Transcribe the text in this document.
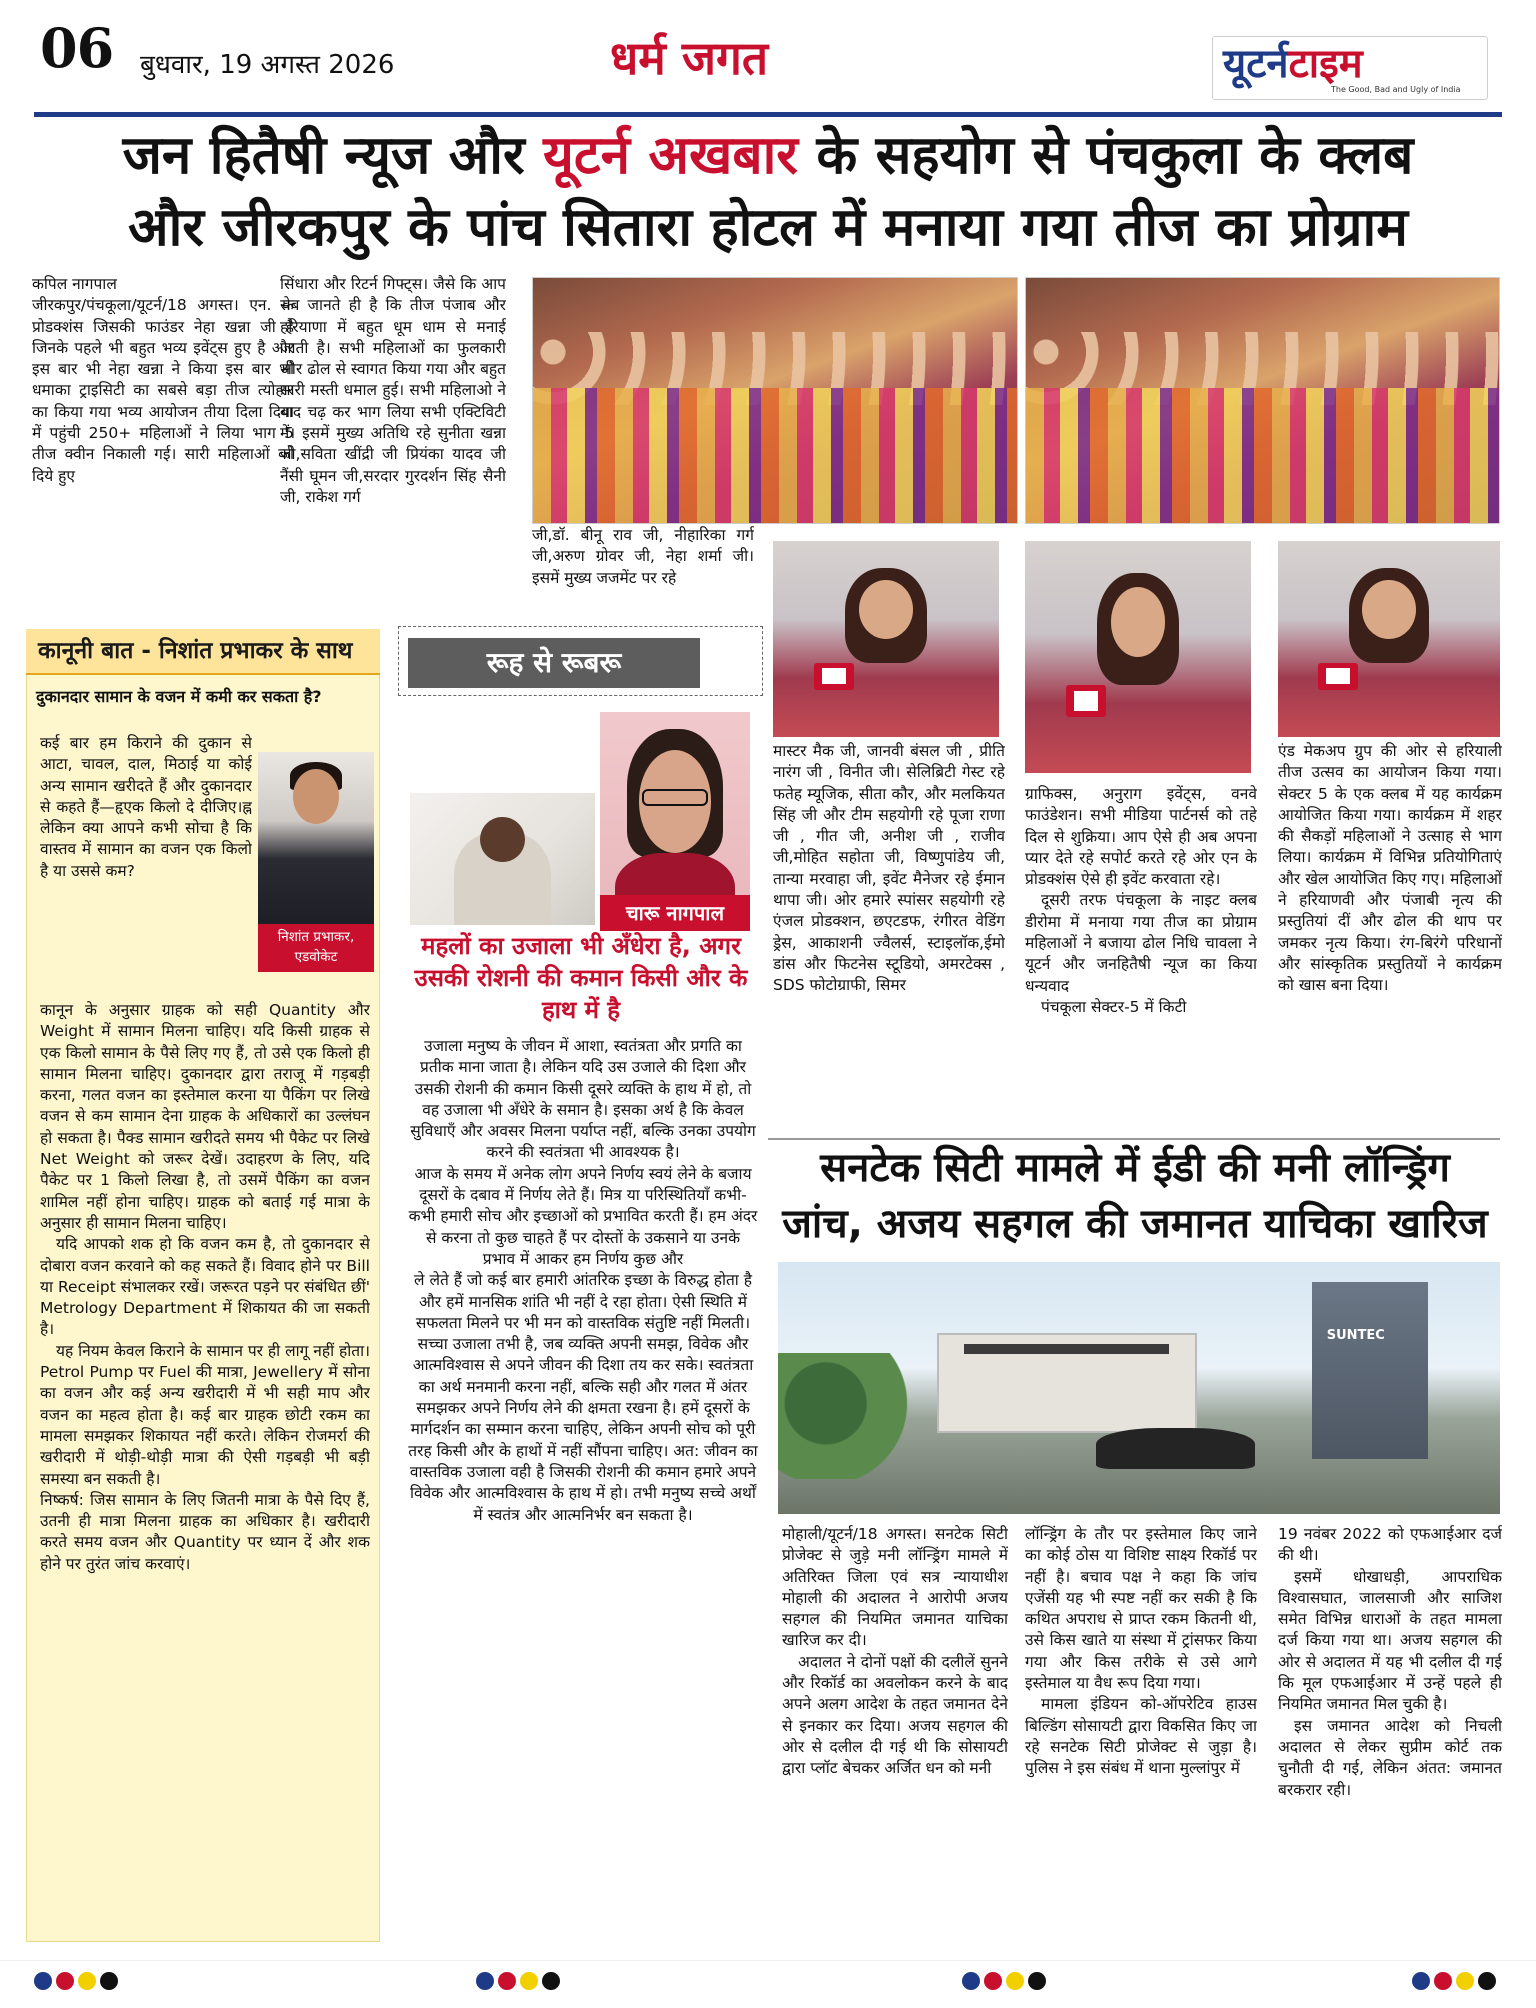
06 बुधवार, 19 अगस्त 2026	धर्म जगत	यूटर्नटाइम
The Good, Bad and Ugly of India
जन हितैषी न्यूज और यूटर्न अखबार के सहयोग से पंचकुला के क्लब
और जीरकपुर के पांच सितारा होटल में मनाया गया तीज का प्रोग्राम

कपिल नागपाल

जीरकपुर/पंचकूला/यूटर्न/18 अगस्त। एन. के प्रोडक्शंस जिसकी फाउंडर नेहा खन्ना जी है जिनके पहले भी बहुत भव्य इवेंट्स हुए है और इस बार भी नेहा खन्ना ने किया इस बार भी धमाका ट्राइसिटी का सबसे बड़ा तीज त्योहार का किया गया भव्य आयोजन तीया दिला दिया में पहुंची 250+ महिलाओं ने लिया भाग 5 तीज क्वीन निकाली गई। सारी महिलाओं को दिये हुए

सिंधारा और रिटर्न गिफ्ट्स। जैसे कि आप सब जानते ही है कि तीज पंजाब और हरियाणा में बहुत धूम धाम से मनाई जाती है। सभी महिलाओं का फुलकारी और ढोल से स्वागत किया गया और बहुत सारी मस्ती धमाल हुई। सभी महिलाओ ने बाद चढ़ कर भाग लिया सभी एक्टिविटी में। इसमें मुख्य अतिथि रहे सुनीता खन्ना जी,सविता खींद्री जी प्रियंका यादव जी नैंसी घूमन जी,सरदार गुरदर्शन सिंह सैनी जी, राकेश गर्ग

जी,डॉ. बीनू राव जी, नीहारिका गर्ग जी,अरुण ग्रोवर जी, नेहा शर्मा जी। इसमें मुख्य जजमेंट पर रहे

मास्टर मैक जी, जानवी बंसल जी , प्रीति नारंग जी , विनीत जी। सेलिब्रिटी गेस्ट रहे फतेह म्यूजिक, सीता कौर, और मलकियत सिंह जी और टीम सहयोगी रहे पूजा राणा जी , गीत जी, अनीश जी , राजीव जी,मोहित सहोता जी, विष्णुपांडेय जी, तान्या मरवाहा जी, इवेंट मैनेजर रहे ईमान थापा जी। ओर हमारे स्पांसर सहयोगी रहे एंजल प्रोडक्शन, छएटडफ, रंगीरत वेडिंग ड्रेस, आकाशनी ज्वैलर्स, स्टाइलॉक,ईमो डांस और फिटनेस स्टूडियो, अमरटेक्स , SDS फोटोग्राफी, सिमर

ग्राफिक्स, अनुराग इवेंट्स, वनवे फाउंडेशन। सभी मीडिया पार्टनर्स को तहे दिल से शुक्रिया। आप ऐसे ही अब अपना प्यार देते रहे सपोर्ट करते रहे ओर एन के प्रोडक्शंस ऐसे ही इवेंट करवाता रहे।

दूसरी तरफ पंचकूला के नाइट क्लब डीरोमा में मनाया गया तीज का प्रोग्राम महिलाओं ने बजाया ढोल निधि चावला ने यूटर्न और जनहितैषी न्यूज का किया धन्यवाद

पंचकूला सेक्टर-5 में किटी

एंड मेकअप ग्रुप की ओर से हरियाली तीज उत्सव का आयोजन किया गया। सेक्टर 5 के एक क्लब में यह कार्यक्रम आयोजित किया गया। कार्यक्रम में शहर की सैकड़ों महिलाओं ने उत्साह से भाग लिया। कार्यक्रम में विभिन्न प्रतियोगिताएं और खेल आयोजित किए गए। महिलाओं ने हरियाणवी और पंजाबी नृत्य की प्रस्तुतियां दीं और ढोल की थाप पर जमकर नृत्य किया। रंग-बिरंगे परिधानों और सांस्कृतिक प्रस्तुतियों ने कार्यक्रम को खास बना दिया।

कानूनी बात - निशांत प्रभाकर के साथ
दुकानदार सामान के वजन में कमी कर सकता है?

कई बार हम किराने की दुकान से आटा, चावल, दाल, मिठाई या कोई अन्य सामान खरीदते हैं और दुकानदार से कहते हैं—हृएक किलो दे दीजिए।ह्न लेकिन क्या आपने कभी सोचा है कि वास्तव में सामान का वजन एक किलो है या उससे कम?

निशांत प्रभाकर,
एडवोकेट

कानून के अनुसार ग्राहक को सही Quantity और Weight में सामान मिलना चाहिए। यदि किसी ग्राहक से एक किलो सामान के पैसे लिए गए हैं, तो उसे एक किलो ही सामान मिलना चाहिए। दुकानदार द्वारा तराजू में गड़बड़ी करना, गलत वजन का इस्तेमाल करना या पैकिंग पर लिखे वजन से कम सामान देना ग्राहक के अधिकारों का उल्लंघन हो सकता है। पैक्ड सामान खरीदते समय भी पैकेट पर लिखे Net Weight को जरूर देखें। उदाहरण के लिए, यदि पैकेट पर 1 किलो लिखा है, तो उसमें पैकिंग का वजन शामिल नहीं होना चाहिए। ग्राहक को बताई गई मात्रा के अनुसार ही सामान मिलना चाहिए।

यदि आपको शक हो कि वजन कम है, तो दुकानदार से दोबारा वजन करवाने को कह सकते हैं। विवाद होने पर Bill या Receipt संभालकर रखें। जरूरत पड़ने पर संबंधित छीं' Metrology Department में शिकायत की जा सकती है।

यह नियम केवल किराने के सामान पर ही लागू नहीं होता। Petrol Pump पर Fuel की मात्रा, Jewellery में सोना का वजन और कई अन्य खरीदारी में भी सही माप और वजन का महत्व होता है। कई बार ग्राहक छोटी रकम का मामला समझकर शिकायत नहीं करते। लेकिन रोजमर्रा की खरीदारी में थोड़ी-थोड़ी मात्रा की ऐसी गड़बड़ी भी बड़ी समस्या बन सकती है।

निष्कर्ष: जिस सामान के लिए जितनी मात्रा के पैसे दिए हैं, उतनी ही मात्रा मिलना ग्राहक का अधिकार है। खरीदारी करते समय वजन और Quantity पर ध्यान दें और शक होने पर तुरंत जांच करवाएं।

रूह से रूबरू
चारू नागपाल
महलों का उजाला भी अँधेरा है, अगर उसकी रोशनी की कमान किसी और के हाथ में है

उजाला मनुष्य के जीवन में आशा, स्वतंत्रता और प्रगति का प्रतीक माना जाता है। लेकिन यदि उस उजाले की दिशा और उसकी रोशनी की कमान किसी दूसरे व्यक्ति के हाथ में हो, तो वह उजाला भी अँधेरे के समान है। इसका अर्थ है कि केवल सुविधाएँ और अवसर मिलना पर्याप्त नहीं, बल्कि उनका उपयोग करने की स्वतंत्रता भी आवश्यक है।

आज के समय में अनेक लोग अपने निर्णय स्वयं लेने के बजाय दूसरों के दबाव में निर्णय लेते हैं। मित्र या परिस्थितियाँ कभी-कभी हमारी सोच और इच्छाओं को प्रभावित करती हैं। हम अंदर से करना तो कुछ चाहते हैं पर दोस्तों के उकसाने या उनके प्रभाव में आकर हम निर्णय कुछ और

ले लेते हैं जो कई बार हमारी आंतरिक इच्छा के विरुद्ध होता है और हमें मानसिक शांति भी नहीं दे रहा होता। ऐसी स्थिति में सफलता मिलने पर भी मन को वास्तविक संतुष्टि नहीं मिलती। सच्चा उजाला तभी है, जब व्यक्ति अपनी समझ, विवेक और आत्मविश्वास से अपने जीवन की दिशा तय कर सके। स्वतंत्रता का अर्थ मनमानी करना नहीं, बल्कि सही और गलत में अंतर समझकर अपने निर्णय लेने की क्षमता रखना है। हमें दूसरों के मार्गदर्शन का सम्मान करना चाहिए, लेकिन अपनी सोच को पूरी तरह किसी और के हाथों में नहीं सौंपना चाहिए। अत: जीवन का वास्तविक उजाला वही है जिसकी रोशनी की कमान हमारे अपने विवेक और आत्मविश्वास के हाथ में हो। तभी मनुष्य सच्चे अर्थों में स्वतंत्र और आत्मनिर्भर बन सकता है।

सनटेक सिटी मामले में ईडी की मनी लॉन्ड्रिंग
जांच, अजय सहगल की जमानत याचिका खारिज
SUNTEC

मोहाली/यूटर्न/18 अगस्त। सनटेक सिटी प्रोजेक्ट से जुड़े मनी लॉन्ड्रिंग मामले में अतिरिक्त जिला एवं सत्र न्यायाधीश मोहाली की अदालत ने आरोपी अजय सहगल की नियमित जमानत याचिका खारिज कर दी।

अदालत ने दोनों पक्षों की दलीलें सुनने और रिकॉर्ड का अवलोकन करने के बाद अपने अलग आदेश के तहत जमानत देने से इनकार कर दिया। अजय सहगल की ओर से दलील दी गई थी कि सोसायटी द्वारा प्लॉट बेचकर अर्जित धन को मनी

लॉन्ड्रिंग के तौर पर इस्तेमाल किए जाने का कोई ठोस या विशिष्ट साक्ष्य रिकॉर्ड पर नहीं है। बचाव पक्ष ने कहा कि जांच एजेंसी यह भी स्पष्ट नहीं कर सकी है कि कथित अपराध से प्राप्त रकम कितनी थी, उसे किस खाते या संस्था में ट्रांसफर किया गया और किस तरीके से उसे आगे इस्तेमाल या वैध रूप दिया गया।

मामला इंडियन को-ऑपरेटिव हाउस बिल्डिंग सोसायटी द्वारा विकसित किए जा रहे सनटेक सिटी प्रोजेक्ट से जुड़ा है। पुलिस ने इस संबंध में थाना मुल्लांपुर में

19 नवंबर 2022 को एफआईआर दर्ज की थी।

इसमें धोखाधड़ी, आपराधिक विश्वासघात, जालसाजी और साजिश समेत विभिन्न धाराओं के तहत मामला दर्ज किया गया था। अजय सहगल की ओर से अदालत में यह भी दलील दी गई कि मूल एफआईआर में उन्हें पहले ही नियमित जमानत मिल चुकी है।

इस जमानत आदेश को निचली अदालत से लेकर सुप्रीम कोर्ट तक चुनौती दी गई, लेकिन अंतत: जमानत बरकरार रही।
